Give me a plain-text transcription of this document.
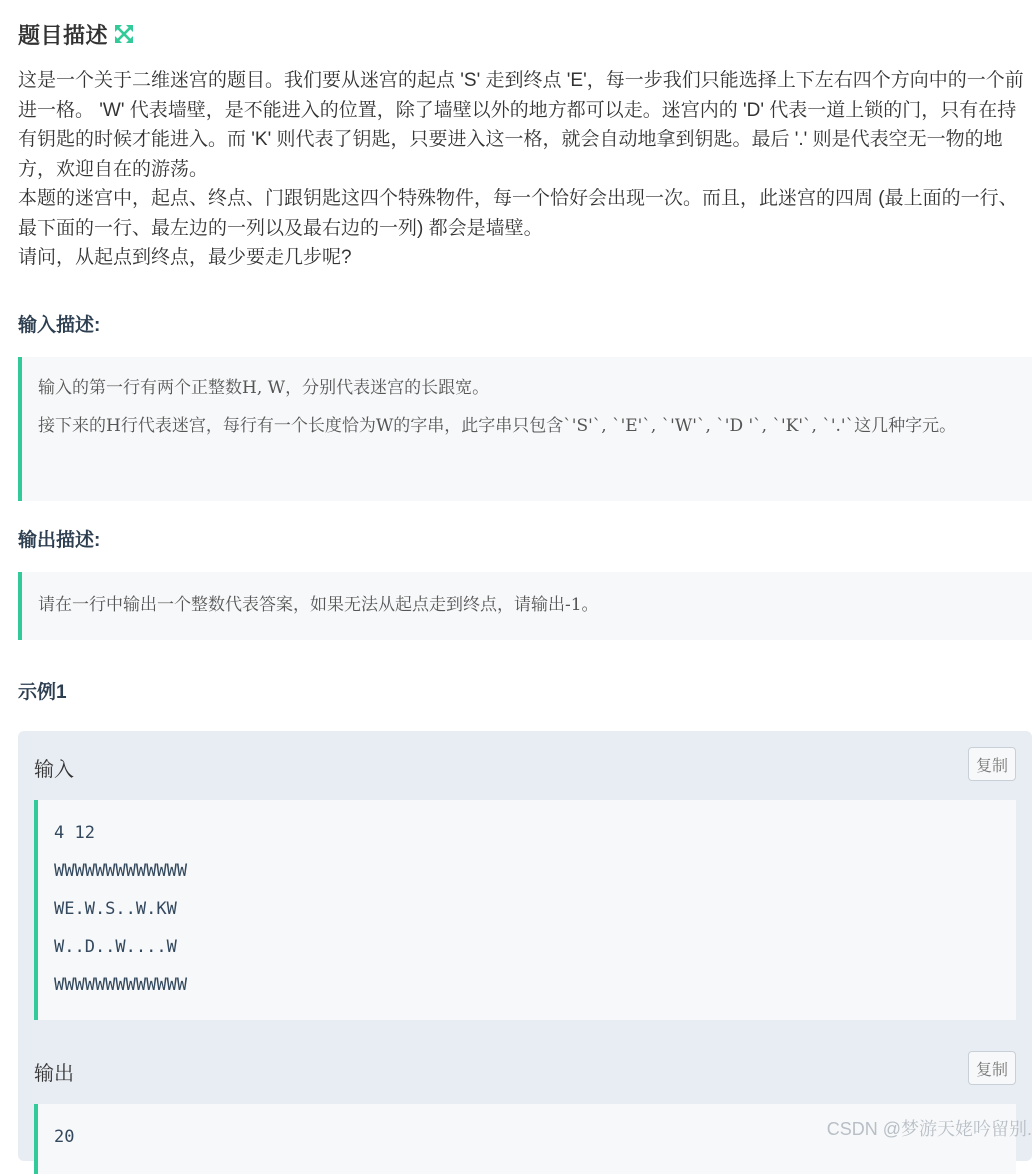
题目描述

这是一个关于二维迷宫的题目。我们要从迷宫的起点 'S' 走到终点 'E'，每一步我们只能选择上下左右四个方向中的一个前进一格。 'W' 代表墙壁，是不能进入的位置，除了墙壁以外的地方都可以走。迷宫内的 'D' 代表一道上锁的门，只有在持有钥匙的时候才能进入。而 'K' 则代表了钥匙，只要进入这一格，就会自动地拿到钥匙。最后 '.' 则是代表空无一物的地方，欢迎自在的游荡。

本题的迷宫中，起点、终点、门跟钥匙这四个特殊物件，每一个恰好会出现一次。而且，此迷宫的四周 (最上面的一行、最下面的一行、最左边的一列以及最右边的一列) 都会是墙壁。

请问，从起点到终点，最少要走几步呢?

输入描述:

输入的第一行有两个正整数H, W，分别代表迷宫的长跟宽。

接下来的H行代表迷宫，每行有一个长度恰为W的字串，此字串只包含`'S'`, `'E'`, `'W'`, `'D '`, `'K'`, `'.'`这几种字元。

输出描述:

请在一行中输出一个整数代表答案，如果无法从起点走到终点，请输出-1。

示例1
输入	复制
4 12
WWWWWWWWWWWWW
WE.W.S..W.KW
W..D..W....W
WWWWWWWWWWWWW
输出	复制
20	CSDN @梦游天姥吟留别.
